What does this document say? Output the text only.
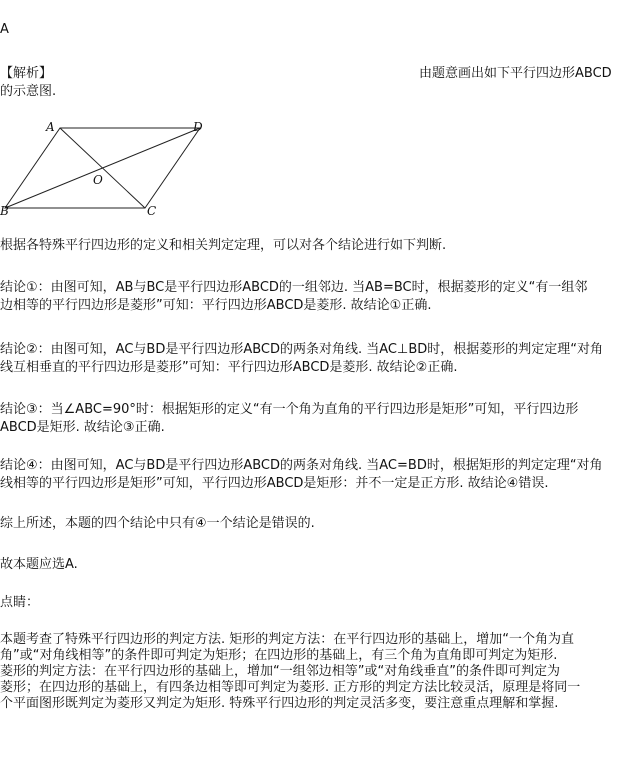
A
【解析】	由题意画出如下平行四边形ABCD
的示意图.
A	D
B	C
O
根据各特殊平行四边形的定义和相关判定定理，可以对各个结论进行如下判断.
结论①：由图可知，AB与BC是平行四边形ABCD的一组邻边. 当AB=BC时，根据菱形的定义“有一组邻
边相等的平行四边形是菱形”可知：平行四边形ABCD是菱形. 故结论①正确.
结论②：由图可知，AC与BD是平行四边形ABCD的两条对角线. 当AC⊥BD时，根据菱形的判定定理“对角
线互相垂直的平行四边形是菱形”可知：平行四边形ABCD是菱形. 故结论②正确.
结论③：当∠ABC=90°时：根据矩形的定义“有一个角为直角的平行四边形是矩形”可知，平行四边形
ABCD是矩形. 故结论③正确.
结论④：由图可知，AC与BD是平行四边形ABCD的两条对角线. 当AC=BD时，根据矩形的判定定理“对角
线相等的平行四边形是矩形”可知，平行四边形ABCD是矩形：并不一定是正方形. 故结论④错误.
综上所述，本题的四个结论中只有④一个结论是错误的.
故本题应选A.
点睛：
本题考查了特殊平行四边形的判定方法. 矩形的判定方法：在平行四边形的基础上，增加“一个角为直
角”或“对角线相等”的条件即可判定为矩形；在四边形的基础上，有三个角为直角即可判定为矩形.
菱形的判定方法：在平行四边形的基础上，增加“一组邻边相等”或“对角线垂直”的条件即可判定为
菱形；在四边形的基础上，有四条边相等即可判定为菱形. 正方形的判定方法比较灵活，原理是将同一
个平面图形既判定为菱形又判定为矩形. 特殊平行四边形的判定灵活多变，要注意重点理解和掌握.
